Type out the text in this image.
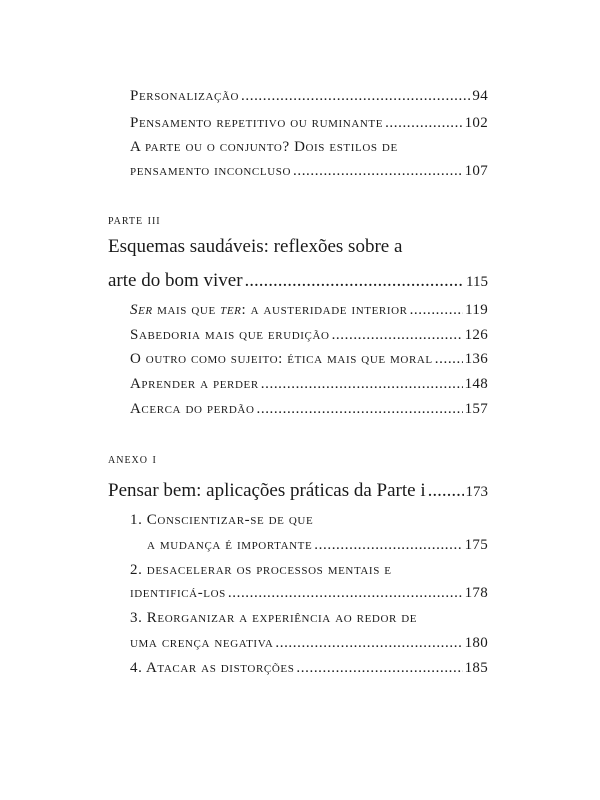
Personalização .....	94
Pensamento repetitivo ou ruminante .....	102
A parte ou o conjunto? Dois estilos de
pensamento inconcluso .....	107
parte iii
Esquemas saudáveis: reflexões sobre a
arte do bom viver .....	115
Ser mais que ter: a austeridade interior .....	119
Sabedoria mais que erudição .....	126
O outro como sujeito: ética mais que moral ..... 136
Aprender a perder .....	148
Acerca do perdão .....	157
anexo i
Pensar bem: aplicações práticas da Parte i .....	173
1. Conscientizar-se de que
a mudança é importante .....	175
2. desacelerar os processos mentais e
identificá-los .....	178
3. Reorganizar a experiência ao redor de
uma crença negativa .....	180
4. Atacar as distorções .....	185
